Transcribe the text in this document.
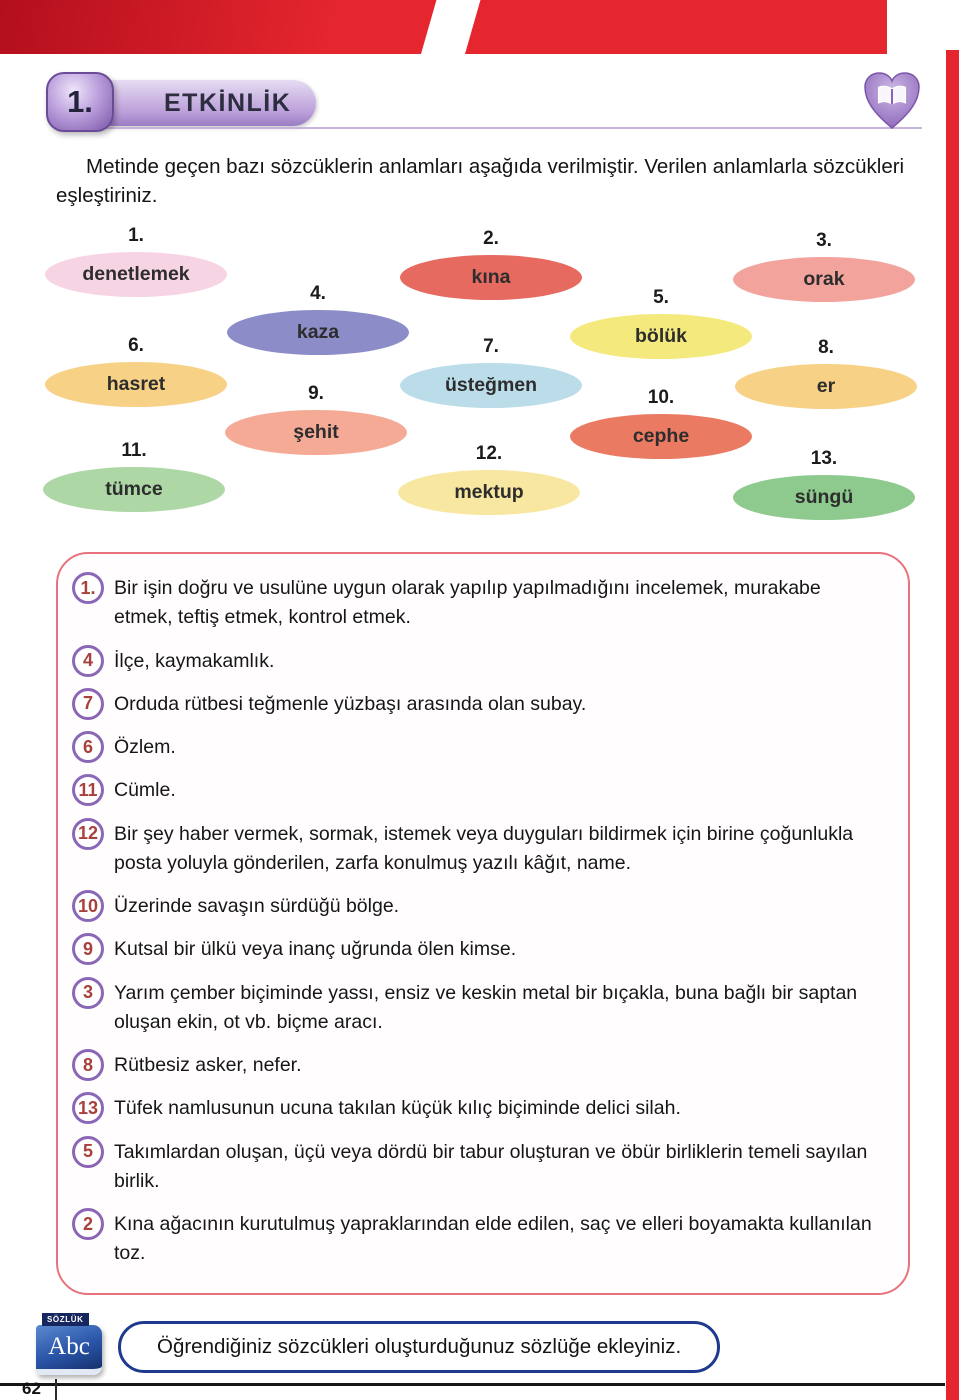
1.	ETKİNLİK

Metinde geçen bazı sözcüklerin anlamları aşağıda verilmiştir. Verilen anlamlarla sözcükleri eşleştiriniz.

1.
denetlemek
2.
kına
3.
orak
4.
kaza
5.
bölük
6.
hasret
7.
üsteğmen
8.
er
9.
şehit
10.
cephe
11.
tümce
12.
mektup
13.
süngü
1. Bir işin doğru ve usulüne uygun olarak yapılıp yapılmadığını incelemek, murakabe etmek, teftiş etmek, kontrol etmek.
4	İlçe, kaymakamlık.
7	Orduda rütbesi teğmenle yüzbaşı arasında olan subay.
6	Özlem.
11 Cümle.
12 Bir şey haber vermek, sormak, istemek veya duyguları bildirmek için birine çoğunlukla posta yoluyla gönderilen, zarfa konulmuş yazılı kâğıt, name.
10 Üzerinde savaşın sürdüğü bölge.
9	Kutsal bir ülkü veya inanç uğrunda ölen kimse.
3	Yarım çember biçiminde yassı, ensiz ve keskin metal bir bıçakla, buna bağlı bir saptan oluşan ekin, ot vb. biçme aracı.
8	Rütbesiz asker, nefer.
13 Tüfek namlusunun ucuna takılan küçük kılıç biçiminde delici silah.
5	Takımlardan oluşan, üçü veya dördü bir tabur oluşturan ve öbür birliklerin temeli sayılan birlik.
2	Kına ağacının kurutulmuş yapraklarından elde edilen, saç ve elleri boyamakta kullanılan toz.
SÖZLÜK
Abc	Öğrendiğiniz sözcükleri oluşturduğunuz sözlüğe ekleyiniz.
62
